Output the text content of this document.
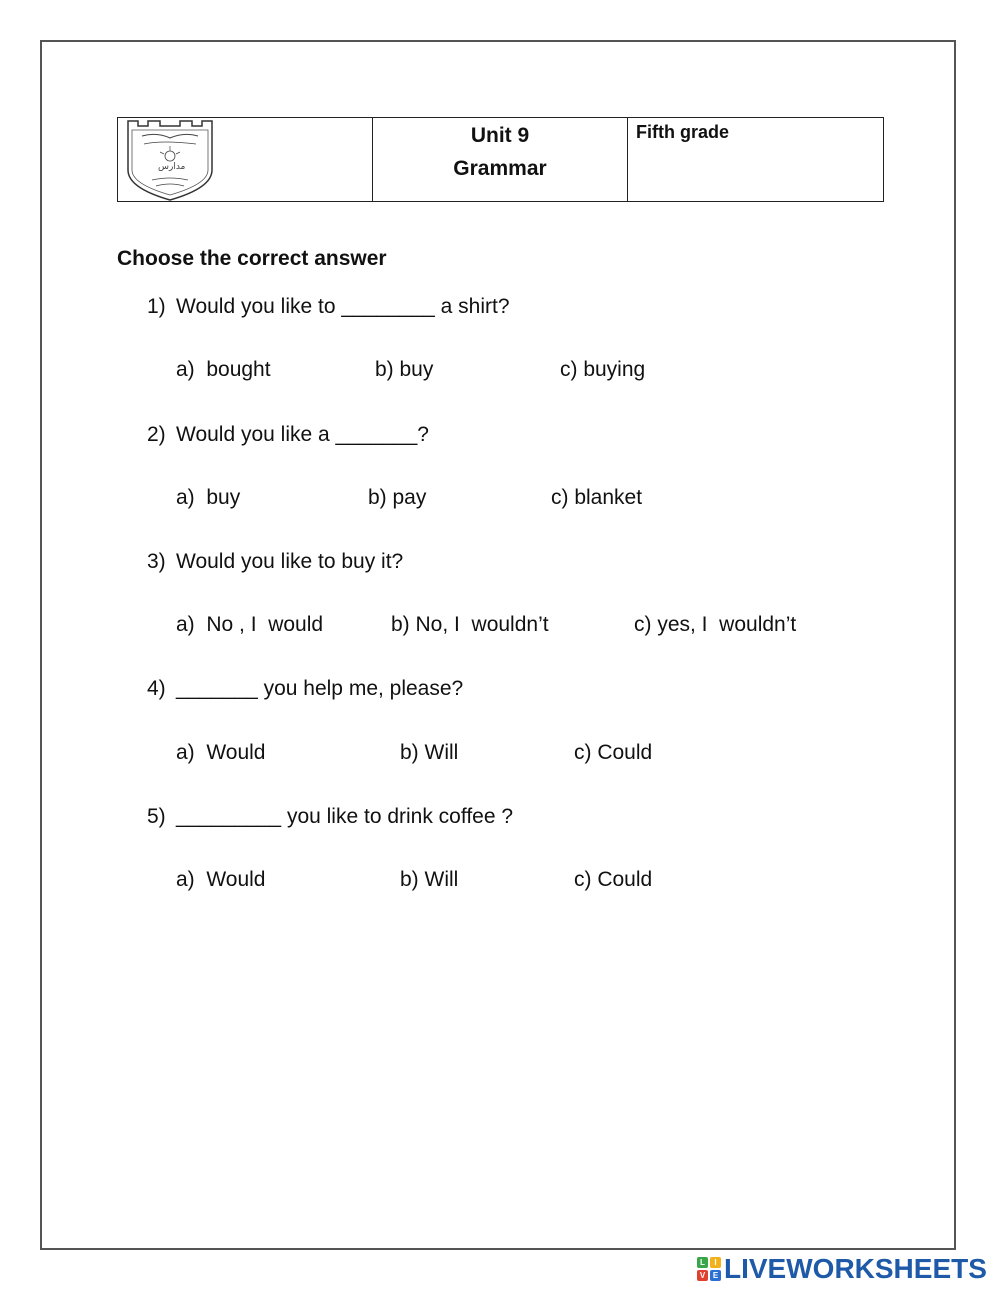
مدارس

Unit 9
Grammar

Fifth grade
Choose the correct answer
1) Would you like to ________ a shirt?
a)  bought	b) buy	c) buying
2) Would you like a _______?
a)  buy	b) pay	c) blanket
3) Would you like to buy it?
a)  No , I  would	b) No, I  wouldn’t	c) yes, I  wouldn’t
4) _______ you help me, please?
a)  Would	b) Will	c) Could
5) _________ you like to drink coffee ?
a)  Would	b) Will	c) Could
L	I
V E LIVEWORKSHEETS
